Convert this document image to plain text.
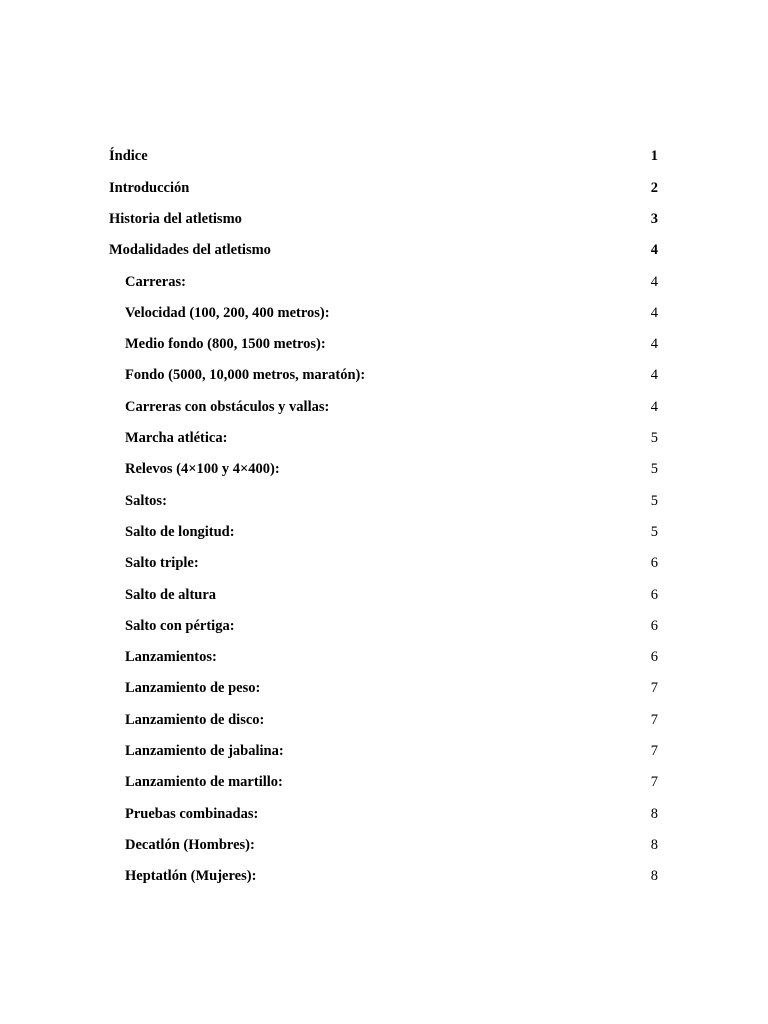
Índice	1
Introducción	2
Historia del atletismo	3
Modalidades del atletismo	4
Carreras:	4
Velocidad (100, 200, 400 metros):	4
Medio fondo (800, 1500 metros):	4
Fondo (5000, 10,000 metros, maratón):	4
Carreras con obstáculos y vallas:	4
Marcha atlética:	5
Relevos (4×100 y 4×400):	5
Saltos:	5
Salto de longitud:	5
Salto triple:	6
Salto de altura	6
Salto con pértiga:	6
Lanzamientos:	6
Lanzamiento de peso:	7
Lanzamiento de disco:	7
Lanzamiento de jabalina:	7
Lanzamiento de martillo:	7
Pruebas combinadas:	8
Decatlón (Hombres):	8
Heptatlón (Mujeres):	8
